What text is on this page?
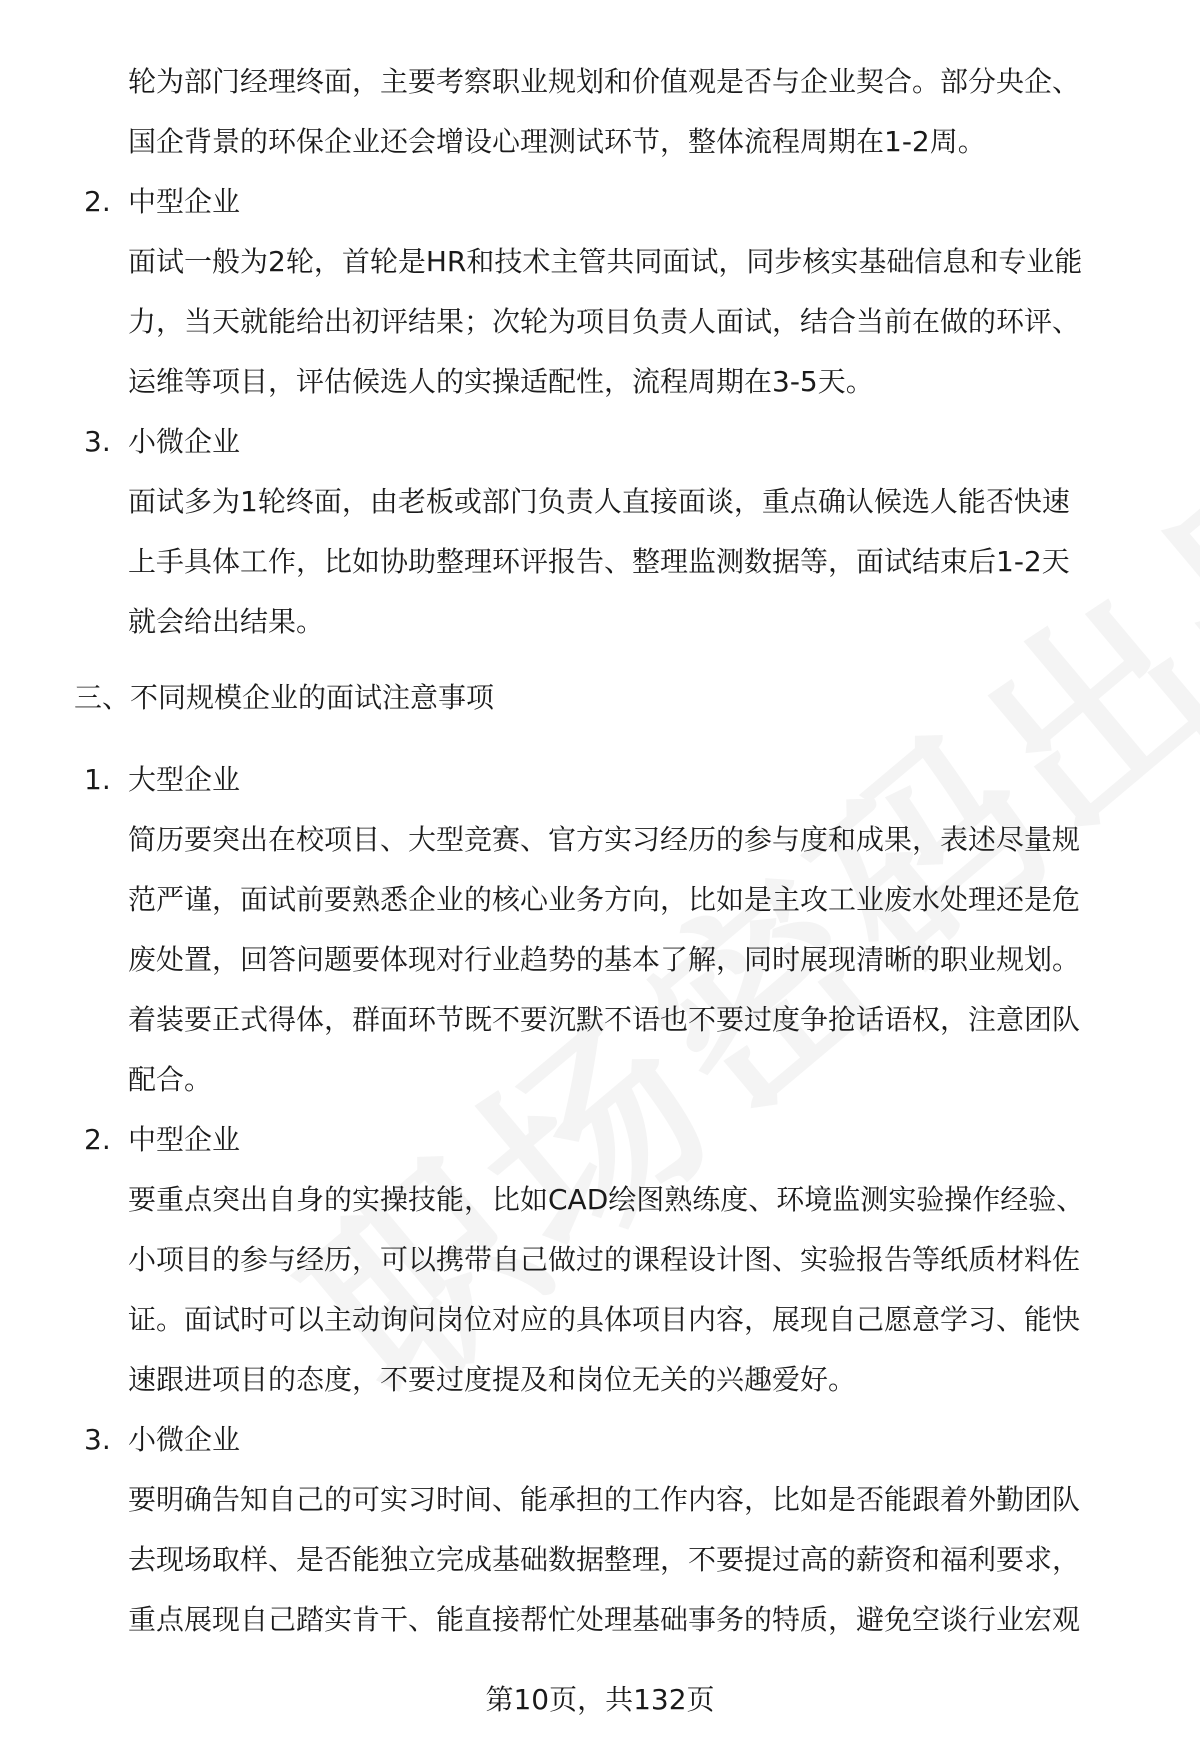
轮为部门经理终面，主要考察职业规划和价值观是否与企业契合。部分央企、
国企背景的环保企业还会增设心理测试环节，整体流程周期在1-2周。
2. 中型企业
面试一般为2轮，首轮是HR和技术主管共同面试，同步核实基础信息和专业能
力，当天就能给出初评结果；次轮为项目负责人面试，结合当前在做的环评、
运维等项目，评估候选人的实操适配性，流程周期在3-5天。
3. 小微企业
面试多为1轮终面，由老板或部门负责人直接面谈，重点确认候选人能否快速
上手具体工作，比如协助整理环评报告、整理监测数据等，面试结束后1-2天
就会给出结果。
三、不同规模企业的面试注意事项
1. 大型企业
简历要突出在校项目、大型竞赛、官方实习经历的参与度和成果，表述尽量规
范严谨，面试前要熟悉企业的核心业务方向，比如是主攻工业废水处理还是危
废处置，回答问题要体现对行业趋势的基本了解，同时展现清晰的职业规划。
着装要正式得体，群面环节既不要沉默不语也不要过度争抢话语权，注意团队
配合。
2. 中型企业
要重点突出自身的实操技能，比如CAD绘图熟练度、环境监测实验操作经验、
小项目的参与经历，可以携带自己做过的课程设计图、实验报告等纸质材料佐
证。面试时可以主动询问岗位对应的具体项目内容，展现自己愿意学习、能快
速跟进项目的态度，不要过度提及和岗位无关的兴趣爱好。
3. 小微企业
要明确告知自己的可实习时间、能承担的工作内容，比如是否能跟着外勤团队
去现场取样、是否能独立完成基础数据整理，不要提过高的薪资和福利要求，
重点展现自己踏实肯干、能直接帮忙处理基础事务的特质，避免空谈行业宏观
第10页，共132页
